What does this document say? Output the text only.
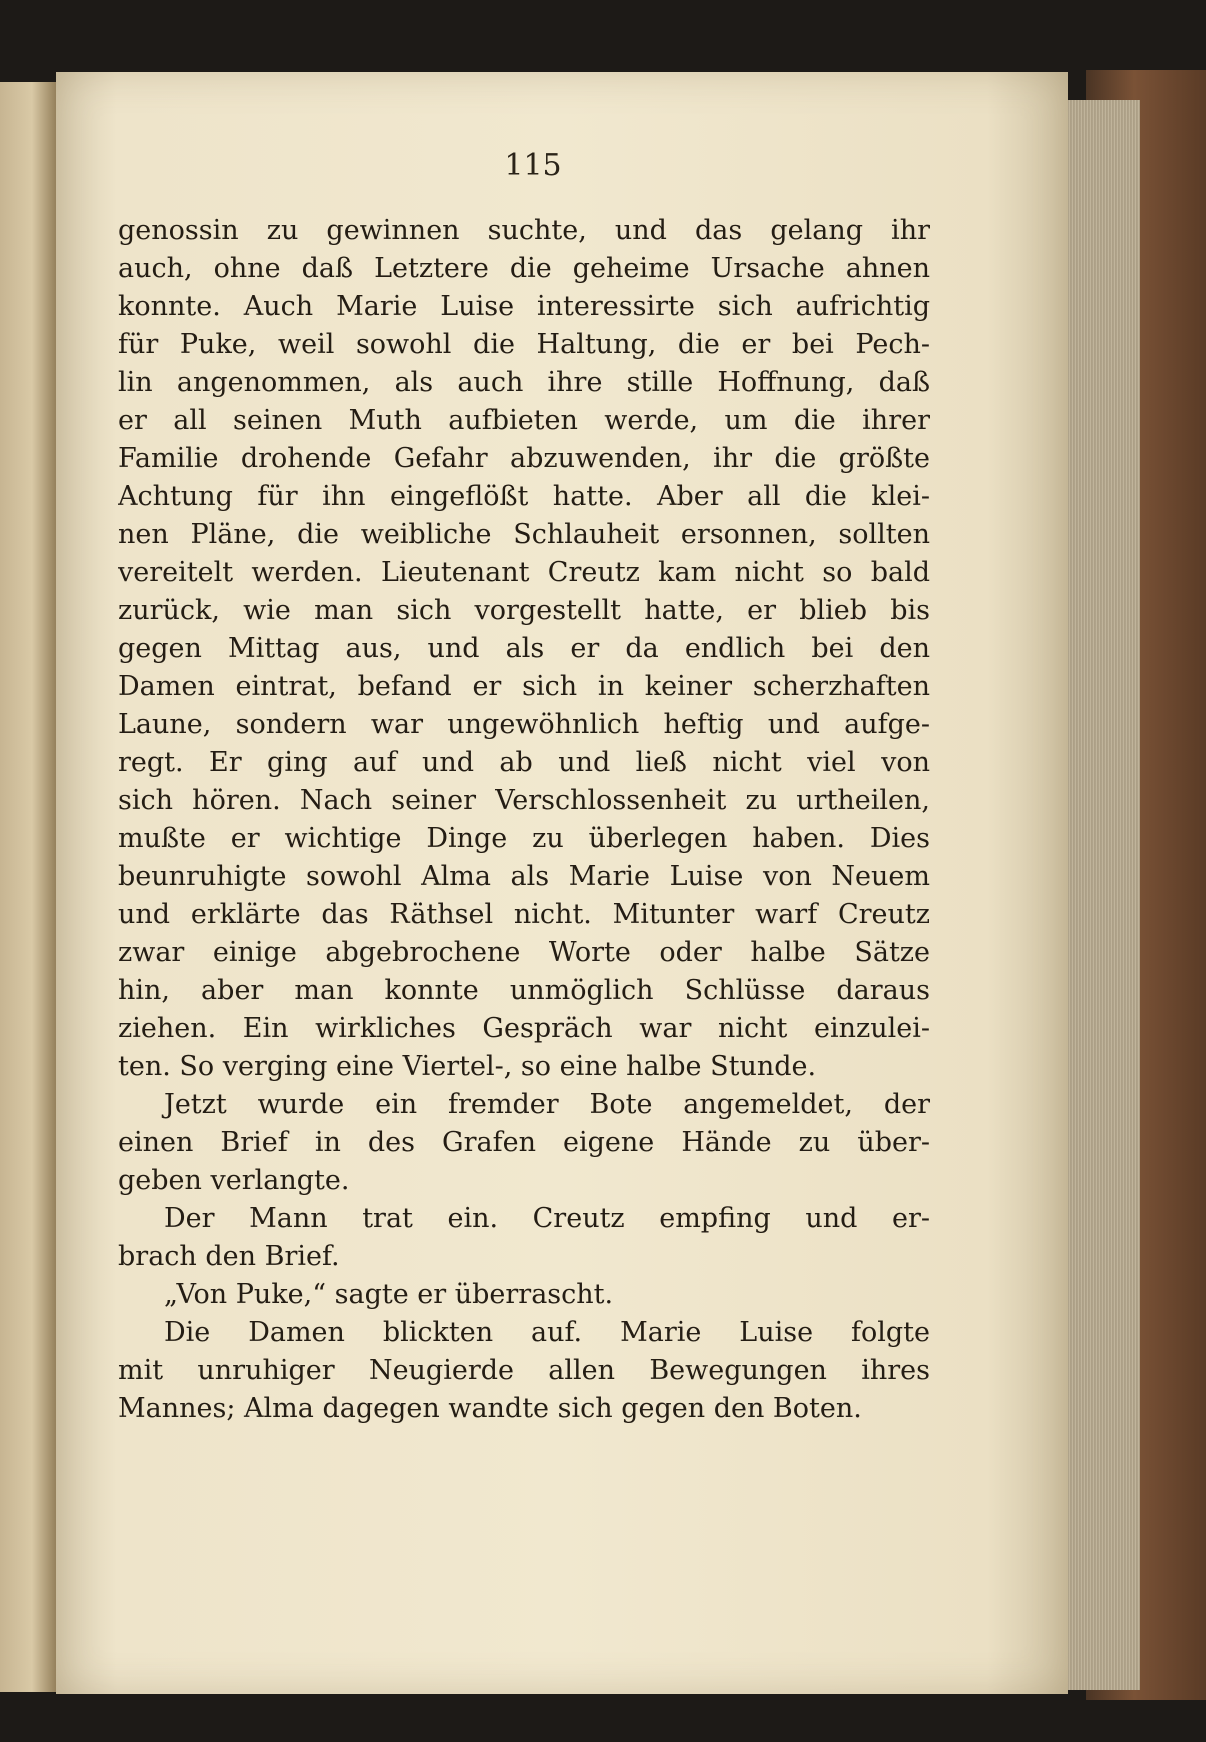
115

genossin zu gewinnen suchte, und das gelang ihr
auch, ohne daß Letztere die geheime Ursache ahnen
konnte. Auch Marie Luise interessirte sich aufrichtig
für Puke, weil sowohl die Haltung, die er bei Pech-
lin angenommen, als auch ihre stille Hoffnung, daß
er all seinen Muth aufbieten werde, um die ihrer
Familie drohende Gefahr abzuwenden, ihr die größte
Achtung für ihn eingeflößt hatte. Aber all die klei-
nen Pläne, die weibliche Schlauheit ersonnen, sollten
vereitelt werden. Lieutenant Creutz kam nicht so bald
zurück, wie man sich vorgestellt hatte, er blieb bis
gegen Mittag aus, und als er da endlich bei den
Damen eintrat, befand er sich in keiner scherzhaften
Laune, sondern war ungewöhnlich heftig und aufge-
regt. Er ging auf und ab und ließ nicht viel von
sich hören. Nach seiner Verschlossenheit zu urtheilen,
mußte er wichtige Dinge zu überlegen haben. Dies
beunruhigte sowohl Alma als Marie Luise von Neuem
und erklärte das Räthsel nicht. Mitunter warf Creutz
zwar einige abgebrochene Worte oder halbe Sätze
hin, aber man konnte unmöglich Schlüsse daraus
ziehen. Ein wirkliches Gespräch war nicht einzulei-
ten. So verging eine Viertel-, so eine halbe Stunde.
Jetzt wurde ein fremder Bote angemeldet, der
einen Brief in des Grafen eigene Hände zu über-
geben verlangte.
Der Mann trat ein. Creutz empfing und er-
brach den Brief.
„Von Puke,“ sagte er überrascht.
Die Damen blickten auf. Marie Luise folgte
mit unruhiger Neugierde allen Bewegungen ihres
Mannes; Alma dagegen wandte sich gegen den Boten.
